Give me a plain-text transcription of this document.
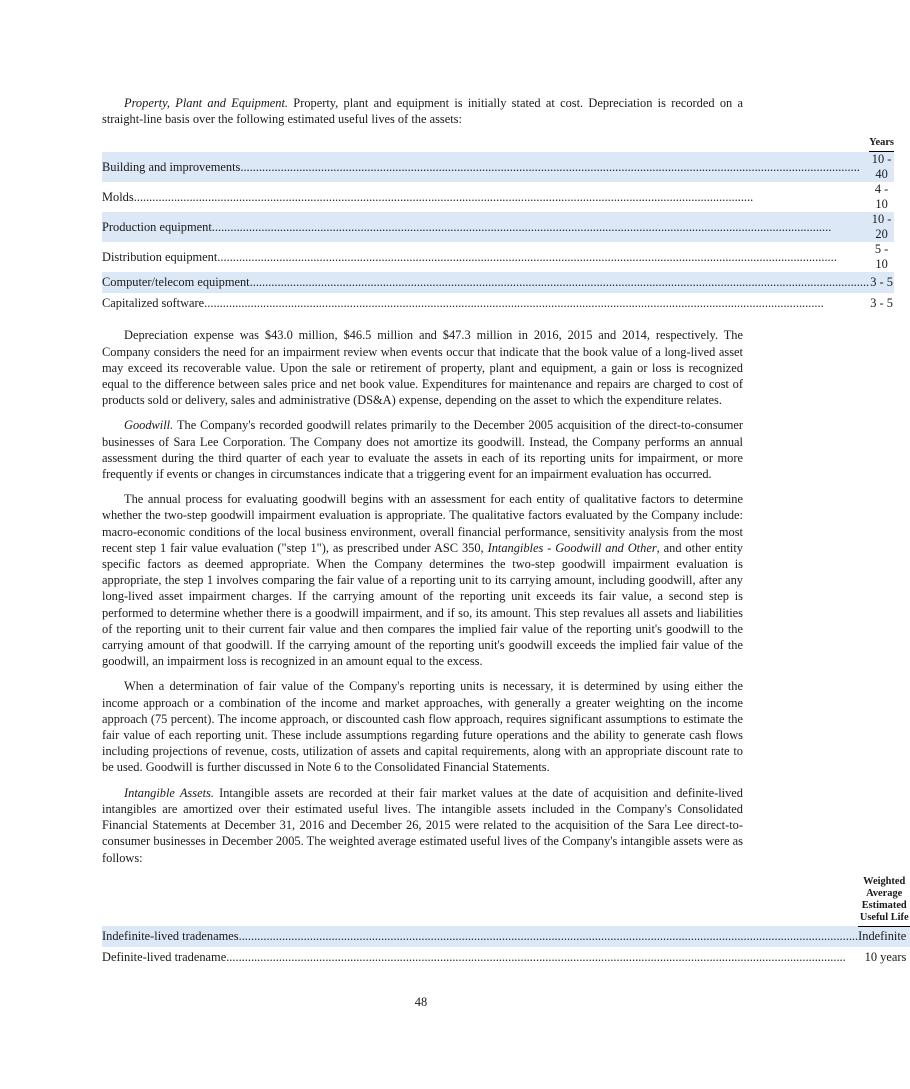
Property, Plant and Equipment. Property, plant and equipment is initially stated at cost. Depreciation is recorded on a straight-line basis over the following estimated useful lives of the assets:

	Years
Building and improvements........................................................................................................................................................................................................	10 - 40
Molds........................................................................................................................................................................................................	4 - 10
Production equipment........................................................................................................................................................................................................	10 - 20
Distribution equipment........................................................................................................................................................................................................	5 - 10
Computer/telecom equipment........................................................................................................................................................................................................	3 - 5
Capitalized software........................................................................................................................................................................................................	3 - 5

Depreciation expense was $43.0 million, $46.5 million and $47.3 million in 2016, 2015 and 2014, respectively. The Company considers the need for an impairment review when events occur that indicate that the book value of a long-lived asset may exceed its recoverable value. Upon the sale or retirement of property, plant and equipment, a gain or loss is recognized equal to the difference between sales price and net book value. Expenditures for maintenance and repairs are charged to cost of products sold or delivery, sales and administrative (DS&A) expense, depending on the asset to which the expenditure relates.

Goodwill. The Company's recorded goodwill relates primarily to the December 2005 acquisition of the direct-to-consumer businesses of Sara Lee Corporation. The Company does not amortize its goodwill. Instead, the Company performs an annual assessment during the third quarter of each year to evaluate the assets in each of its reporting units for impairment, or more frequently if events or changes in circumstances indicate that a triggering event for an impairment evaluation has occurred.

The annual process for evaluating goodwill begins with an assessment for each entity of qualitative factors to determine whether the two-step goodwill impairment evaluation is appropriate. The qualitative factors evaluated by the Company include: macro-economic conditions of the local business environment, overall financial performance, sensitivity analysis from the most recent step 1 fair value evaluation ("step 1"), as prescribed under ASC 350, Intangibles - Goodwill and Other, and other entity specific factors as deemed appropriate. When the Company determines the two-step goodwill impairment evaluation is appropriate, the step 1 involves comparing the fair value of a reporting unit to its carrying amount, including goodwill, after any long-lived asset impairment charges. If the carrying amount of the reporting unit exceeds its fair value, a second step is performed to determine whether there is a goodwill impairment, and if so, its amount. This step revalues all assets and liabilities of the reporting unit to their current fair value and then compares the implied fair value of the reporting unit's goodwill to the carrying amount of that goodwill. If the carrying amount of the reporting unit's goodwill exceeds the implied fair value of the goodwill, an impairment loss is recognized in an amount equal to the excess.

When a determination of fair value of the Company's reporting units is necessary, it is determined by using either the income approach or a combination of the income and market approaches, with generally a greater weighting on the income approach (75 percent). The income approach, or discounted cash flow approach, requires significant assumptions to estimate the fair value of each reporting unit. These include assumptions regarding future operations and the ability to generate cash flows including projections of revenue, costs, utilization of assets and capital requirements, along with an appropriate discount rate to be used. Goodwill is further discussed in Note 6 to the Consolidated Financial Statements.

Intangible Assets. Intangible assets are recorded at their fair market values at the date of acquisition and definite-lived intangibles are amortized over their estimated useful lives. The intangible assets included in the Company's Consolidated Financial Statements at December 31, 2016 and December 26, 2015 were related to the acquisition of the Sara Lee direct-to-consumer businesses in December 2005. The weighted average estimated useful lives of the Company's intangible assets were as follows:

	Weighted Average
Estimated Useful Life

Indefinite-lived tradenames........................................................................................................................................................................................................	Indefinite
Definite-lived tradename........................................................................................................................................................................................................	10 years
48
